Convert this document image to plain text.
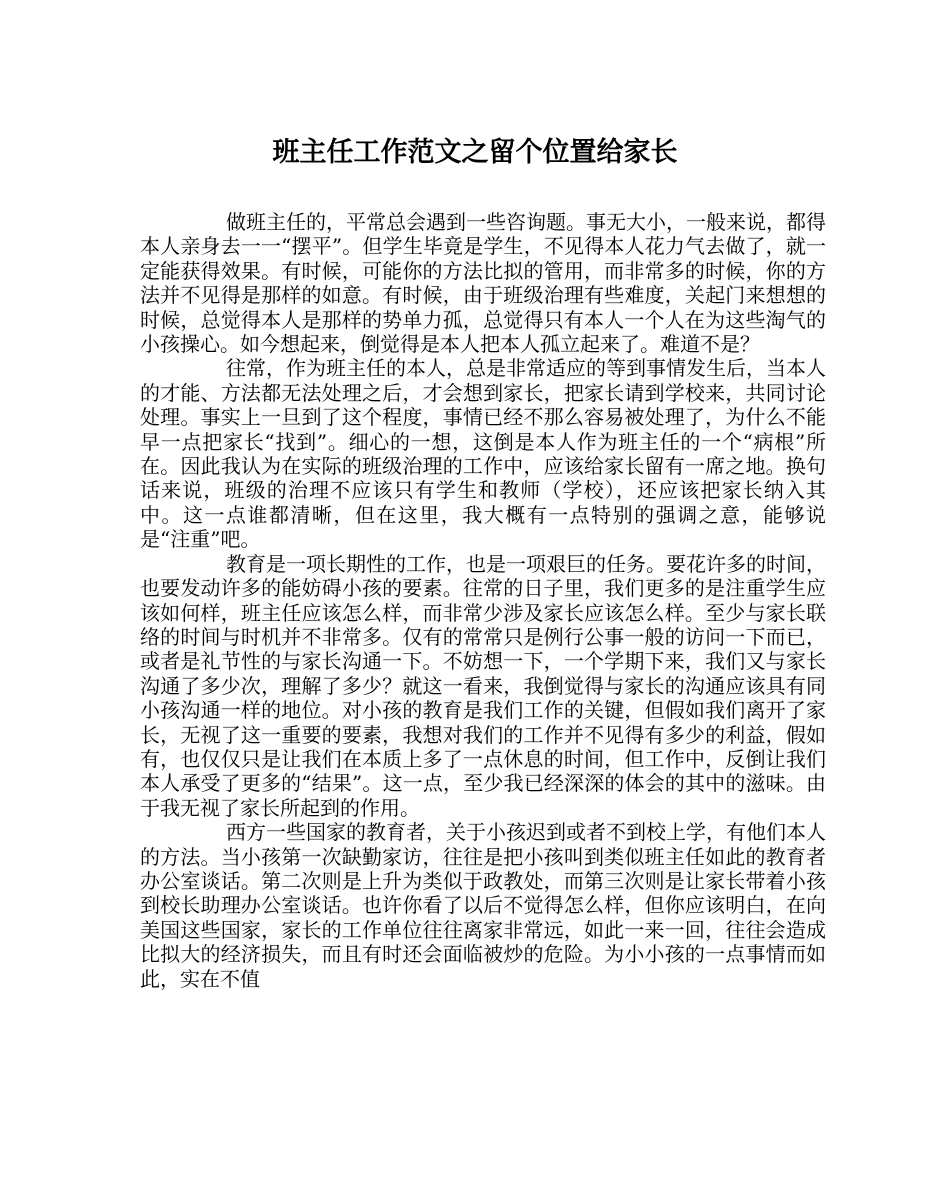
班主任工作范文之留个位置给家长

做班主任的，平常总会遇到一些咨询题。事无大小，一般来说，都得本人亲身去一一“摆平”。但学生毕竟是学生，不见得本人花力气去做了，就一定能获得效果。有时候，可能你的方法比拟的管用，而非常多的时候，你的方法并不见得是那样的如意。有时候，由于班级治理有些难度，关起门来想想的时候，总觉得本人是那样的势单力孤，总觉得只有本人一个人在为这些淘气的小孩操心。如今想起来，倒觉得是本人把本人孤立起来了。难道不是？

往常，作为班主任的本人，总是非常适应的等到事情发生后，当本人的才能、方法都无法处理之后，才会想到家长，把家长请到学校来，共同讨论处理。事实上一旦到了这个程度，事情已经不那么容易被处理了，为什么不能早一点把家长“找到”。细心的一想，这倒是本人作为班主任的一个“病根”所在。因此我认为在实际的班级治理的工作中，应该给家长留有一席之地。换句话来说，班级的治理不应该只有学生和教师（学校），还应该把家长纳入其中。这一点谁都清晰，但在这里，我大概有一点特别的强调之意，能够说是“注重”吧。

教育是一项长期性的工作，也是一项艰巨的任务。要花许多的时间，也要发动许多的能妨碍小孩的要素。往常的日子里，我们更多的是注重学生应该如何样，班主任应该怎么样，而非常少涉及家长应该怎么样。至少与家长联络的时间与时机并不非常多。仅有的常常只是例行公事一般的访问一下而已，或者是礼节性的与家长沟通一下。不妨想一下，一个学期下来，我们又与家长沟通了多少次，理解了多少？就这一看来，我倒觉得与家长的沟通应该具有同小孩沟通一样的地位。对小孩的教育是我们工作的关键，但假如我们离开了家长，无视了这一重要的要素，我想对我们的工作并不见得有多少的利益，假如有，也仅仅只是让我们在本质上多了一点休息的时间，但工作中，反倒让我们本人承受了更多的“结果”。这一点，至少我已经深深的体会的其中的滋味。由于我无视了家长所起到的作用。

西方一些国家的教育者，关于小孩迟到或者不到校上学，有他们本人的方法。当小孩第一次缺勤家访，往往是把小孩叫到类似班主任如此的教育者办公室谈话。第二次则是上升为类似于政教处，而第三次则是让家长带着小孩到校长助理办公室谈话。也许你看了以后不觉得怎么样，但你应该明白，在向美国这些国家，家长的工作单位往往离家非常远，如此一来一回，往往会造成比拟大的经济损失，而且有时还会面临被炒的危险。为小小孩的一点事情而如此，实在不值
